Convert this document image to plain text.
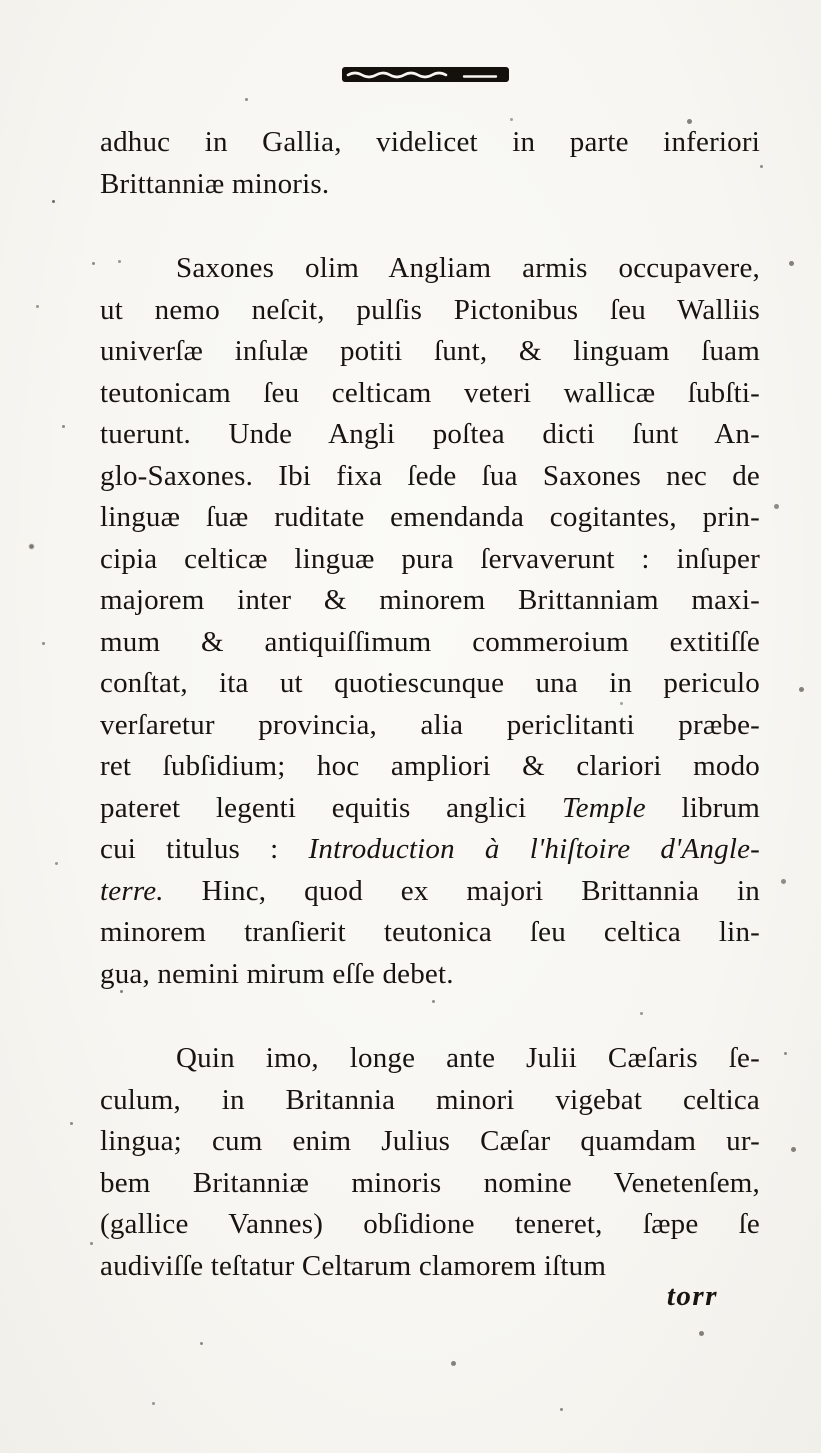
adhuc in Gallia, videlicet in parte inferiori
Brittanniæ minoris.
Saxones olim Angliam armis occupavere,
ut nemo neſcit, pulſis Pictonibus ſeu Walliis
univerſæ inſulæ potiti ſunt, & linguam ſuam
teutonicam ſeu celticam veteri wallicæ ſubſti-
tuerunt. Unde Angli poſtea dicti ſunt An-
glo-Saxones. Ibi fixa ſede ſua Saxones nec de
linguæ ſuæ ruditate emendanda cogitantes, prin-
cipia celticæ linguæ pura ſervaverunt : inſuper
majorem inter & minorem Brittanniam maxi-
mum & antiquiſſimum commeroium extitiſſe
conſtat, ita ut quotiescunque una in periculo
verſaretur provincia, alia periclitanti præbe-
ret ſubſidium; hoc ampliori & clariori modo
pateret legenti equitis anglici Temple librum
cui titulus : Introduction à l'hiſtoire d'Angle-
terre. Hinc, quod ex majori Brittannia in
minorem tranſierit teutonica ſeu celtica lin-
gua, nemini mirum eſſe debet.
Quin imo, longe ante Julii Cæſaris ſe-
culum, in Britannia minori vigebat celtica
lingua; cum enim Julius Cæſar quamdam ur-
bem Britanniæ minoris nomine Venetenſem,
(gallice Vannes) obſidione teneret, ſæpe ſe
audiviſſe teſtatur Celtarum clamorem iſtum
torr
